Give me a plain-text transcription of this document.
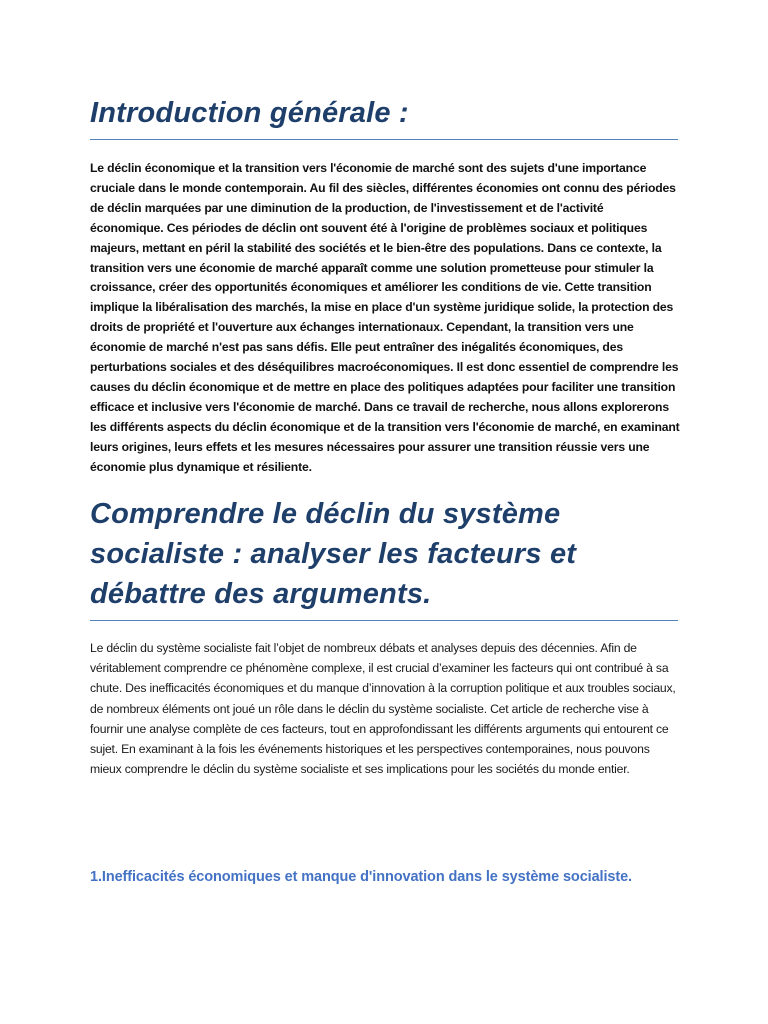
Introduction générale :

Le déclin économique et la transition vers l'économie de marché sont des sujets d'une importance cruciale dans le monde contemporain. Au fil des siècles, différentes économies ont connu des périodes de déclin marquées par une diminution de la production, de l'investissement et de l'activité économique. Ces périodes de déclin ont souvent été à l'origine de problèmes sociaux et politiques majeurs, mettant en péril la stabilité des sociétés et le bien-être des populations. Dans ce contexte, la transition vers une économie de marché apparaît comme une solution prometteuse pour stimuler la croissance, créer des opportunités économiques et améliorer les conditions de vie. Cette transition implique la libéralisation des marchés, la mise en place d'un système juridique solide, la protection des droits de propriété et l'ouverture aux échanges internationaux. Cependant, la transition vers une économie de marché n'est pas sans défis. Elle peut entraîner des inégalités économiques, des perturbations sociales et des déséquilibres macroéconomiques. Il est donc essentiel de comprendre les causes du déclin économique et de mettre en place des politiques adaptées pour faciliter une transition efficace et inclusive vers l'économie de marché. Dans ce travail de recherche, nous allons explorerons les différents aspects du déclin économique et de la transition vers l'économie de marché, en examinant leurs origines, leurs effets et les mesures nécessaires pour assurer une transition réussie vers une économie plus dynamique et résiliente.

Comprendre le déclin du système socialiste : analyser les facteurs et débattre des arguments.

Le déclin du système socialiste fait l’objet de nombreux débats et analyses depuis des décennies. Afin de véritablement comprendre ce phénomène complexe, il est crucial d’examiner les facteurs qui ont contribué à sa chute. Des inefficacités économiques et du manque d’innovation à la corruption politique et aux troubles sociaux, de nombreux éléments ont joué un rôle dans le déclin du système socialiste. Cet article de recherche vise à fournir une analyse complète de ces facteurs, tout en approfondissant les différents arguments qui entourent ce sujet. En examinant à la fois les événements historiques et les perspectives contemporaines, nous pouvons mieux comprendre le déclin du système socialiste et ses implications pour les sociétés du monde entier.

1.Inefficacités économiques et manque d'innovation dans le système socialiste.
